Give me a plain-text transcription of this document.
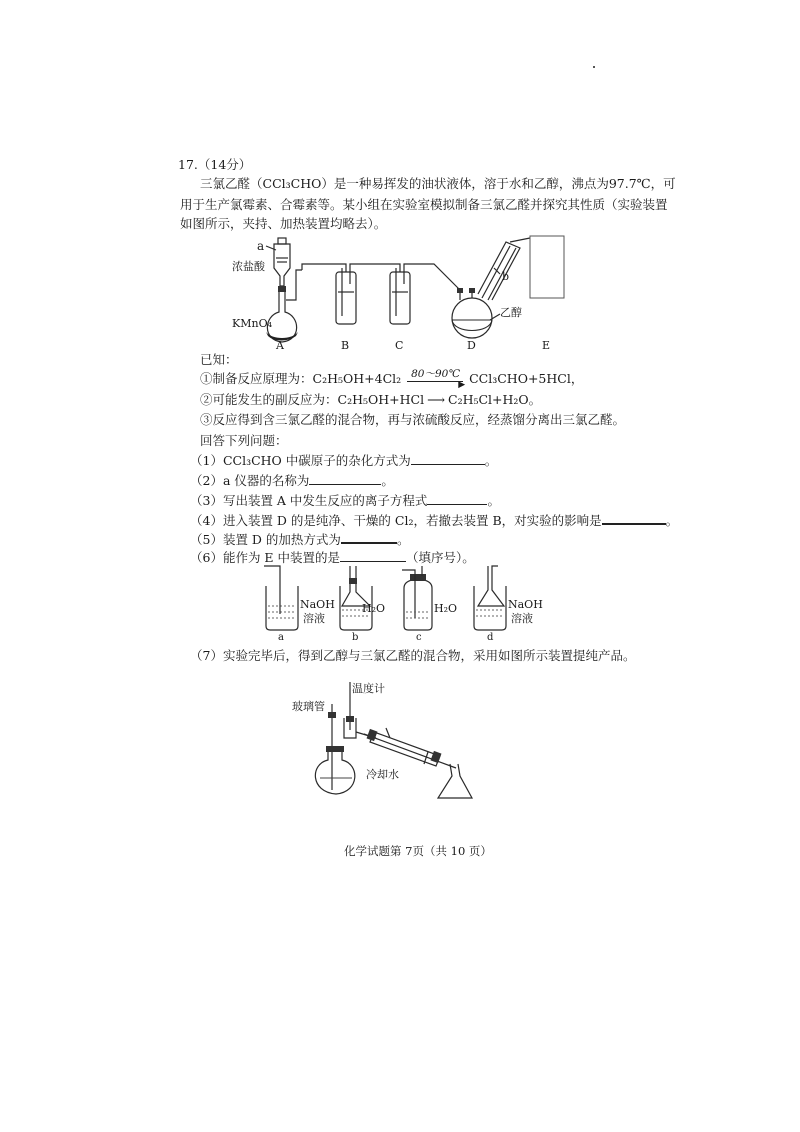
17.（14分）
三氯乙醛（CCl₃CHO）是一种易挥发的油状液体，溶于水和乙醇，沸点为97.7℃，可
用于生产氯霉素、合霉素等。某小组在实验室模拟制备三氯乙醛并探究其性质（实验装置
如图所示，夹持、加热装置均略去）。
a
浓盐酸
KMnO₄
乙醇
b
A	B	C	D	E
已知：
①制备反应原理为：C₂H₅OH+4Cl₂ 80～90℃
▶ CCl₃CHO+5HCl，
②可能发生的副反应为：C₂H₅OH+HCl ⟶ C₂H₅Cl+H₂O。
③反应得到含三氯乙醛的混合物，再与浓硫酸反应，经蒸馏分离出三氯乙醛。
回答下列问题：
（1）CCl₃CHO 中碳原子的杂化方式为	。
（2）a 仪器的名称为	。
（3）写出装置 A 中发生反应的离子方程式	。
（4）进入装置 D 的是纯净、干燥的 Cl₂，若撤去装置 B，对实验的影响是	。
（5）装置 D 的加热方式为	。
（6）能作为 E 中装置的是	（填序号）。
NaOH
溶液
a
H₂O
b
H₂O
c
NaOH
溶液
d
（7）实验完毕后，得到乙醇与三氯乙醛的混合物，采用如图所示装置提纯产品。
温度计
玻璃管
冷却水
化学试题第 7页（共 10 页）
